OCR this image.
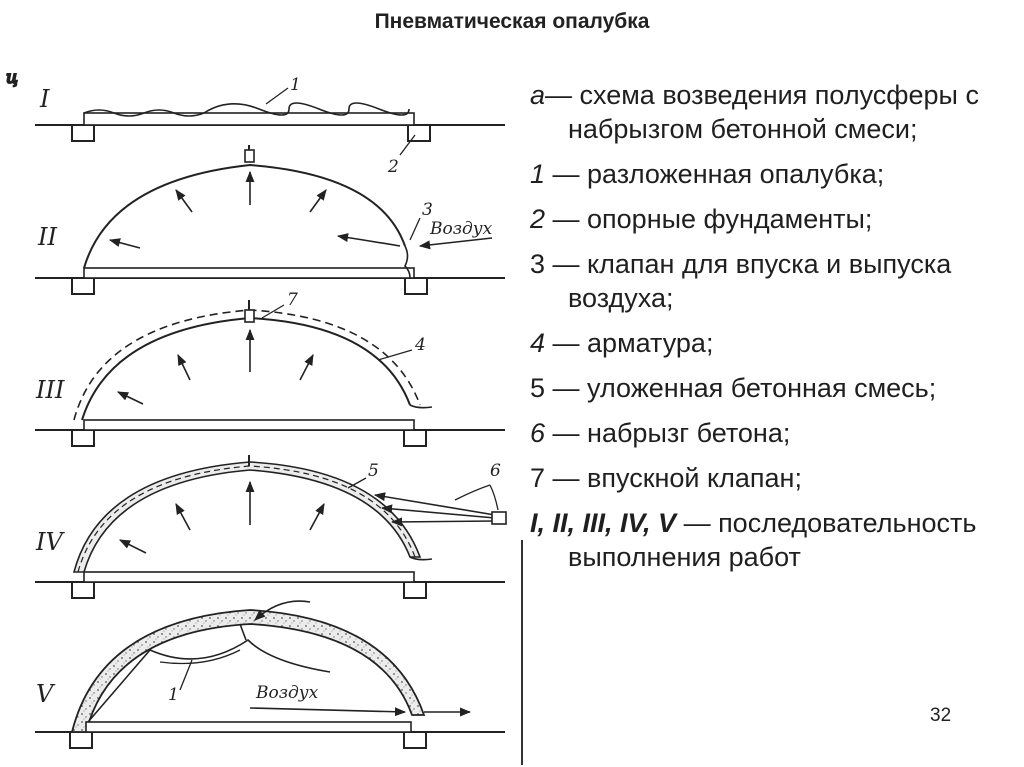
Пневматическая опалубка
ц
I	1
2
II
3
Воздух
III
7
4
IV
5	6
V	1	Воздух
а— схема возведения полусферы с набрызгом бетонной смеси;
1 — разложенная опалубка;
2 — опорные фундаменты;
3 — клапан для впуска и выпуска воздуха;
4 — арматура;
5 — уложенная бетонная смесь;
6 — набрызг бетона;
7 — впускной клапан;
I, II, III, IV, V — последовательность выполнения работ
32
